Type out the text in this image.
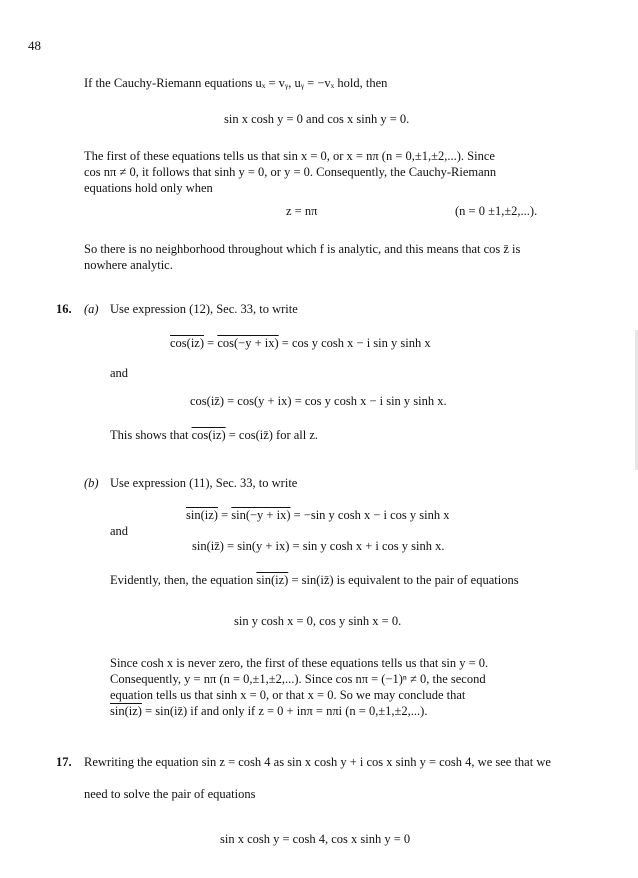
48
If the Cauchy-Riemann equations uₓ = vᵧ, uᵧ = −vₓ hold, then
sin x cosh y = 0 and cos x sinh y = 0.
The first of these equations tells us that sin x = 0, or x = nπ (n = 0,±1,±2,...). Since
cos nπ ≠ 0, it follows that sinh y = 0, or y = 0. Consequently, the Cauchy-Riemann
equations hold only when
z = nπ	(n = 0 ±1,±2,...).
So there is no neighborhood throughout which f is analytic, and this means that cos z̄ is
nowhere analytic.
16. (a) Use expression (12), Sec. 33, to write
cos(iz) = cos(−y + ix) = cos y cosh x − i sin y sinh x
and
cos(iz̄) = cos(y + ix) = cos y cosh x − i sin y sinh x.
This shows that cos(iz) = cos(iz̄) for all z.
(b) Use expression (11), Sec. 33, to write
sin(iz) = sin(−y + ix) = −sin y cosh x − i cos y sinh x
and
sin(iz̄) = sin(y + ix) = sin y cosh x + i cos y sinh x.
Evidently, then, the equation sin(iz) = sin(iz̄) is equivalent to the pair of equations
sin y cosh x = 0, cos y sinh x = 0.
Since cosh x is never zero, the first of these equations tells us that sin y = 0.
Consequently, y = nπ (n = 0,±1,±2,...). Since cos nπ = (−1)ⁿ ≠ 0, the second
equation tells us that sinh x = 0, or that x = 0. So we may conclude that
sin(iz) = sin(iz̄) if and only if z = 0 + inπ = nπi (n = 0,±1,±2,...).
17. Rewriting the equation sin z = cosh 4 as sin x cosh y + i cos x sinh y = cosh 4, we see that we
need to solve the pair of equations
sin x cosh y = cosh 4, cos x sinh y = 0
